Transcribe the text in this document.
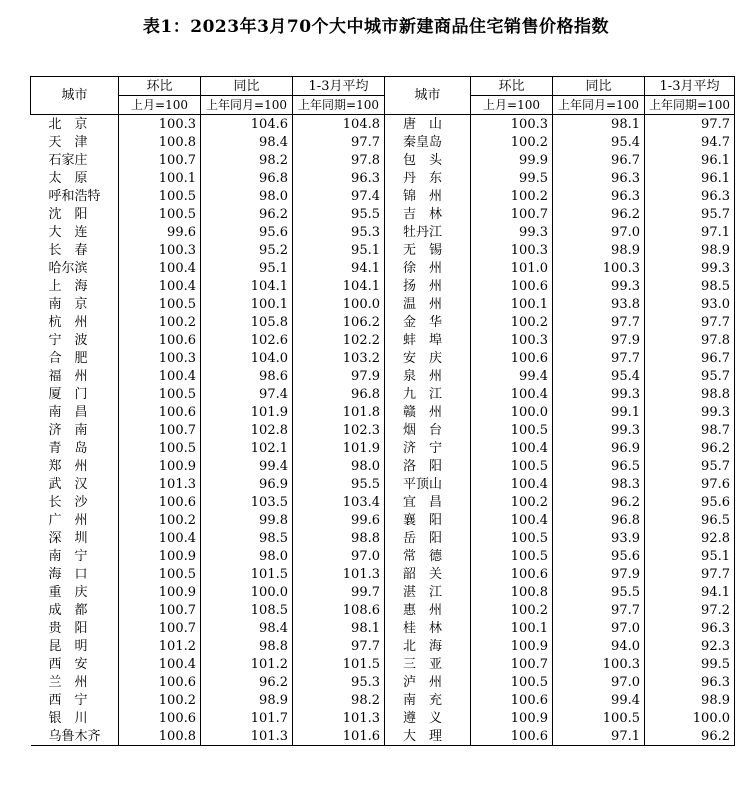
表1：2023年3月70个大中城市新建商品住宅销售价格指数
城市	环比	同比	1-3月平均	城市	环比	同比	1-3月平均
	上月=100	上年同月=100	上年同期=100		上月=100	上年同月=100	上年同期=100
北　京	100.3	104.6	104.8	唐　山	100.3	98.1	97.7
天　津	100.8	98.4	97.7	秦皇岛	100.2	95.4	94.7
石家庄	100.7	98.2	97.8	包　头	99.9	96.7	96.1
太　原	100.1	96.8	96.3	丹　东	99.5	96.3	96.1
呼和浩特	100.5	98.0	97.4	锦　州	100.2	96.3	96.3
沈　阳	100.5	96.2	95.5	吉　林	100.7	96.2	95.7
大　连	99.6	95.6	95.3	牡丹江	99.3	97.0	97.1
长　春	100.3	95.2	95.1	无　锡	100.3	98.9	98.9
哈尔滨	100.4	95.1	94.1	徐　州	101.0	100.3	99.3
上　海	100.4	104.1	104.1	扬　州	100.6	99.3	98.5
南　京	100.5	100.1	100.0	温　州	100.1	93.8	93.0
杭　州	100.2	105.8	106.2	金　华	100.2	97.7	97.7
宁　波	100.6	102.6	102.2	蚌　埠	100.3	97.9	97.8
合　肥	100.3	104.0	103.2	安　庆	100.6	97.7	96.7
福　州	100.4	98.6	97.9	泉　州	99.4	95.4	95.7
厦　门	100.5	97.4	96.8	九　江	100.4	99.3	98.8
南　昌	100.6	101.9	101.8	赣　州	100.0	99.1	99.3
济　南	100.7	102.8	102.3	烟　台	100.5	99.3	98.7
青　岛	100.5	102.1	101.9	济　宁	100.4	96.9	96.2
郑　州	100.9	99.4	98.0	洛　阳	100.5	96.5	95.7
武　汉	101.3	96.9	95.5	平顶山	100.4	98.3	97.6
长　沙	100.6	103.5	103.4	宜　昌	100.2	96.2	95.6
广　州	100.2	99.8	99.6	襄　阳	100.4	96.8	96.5
深　圳	100.4	98.5	98.8	岳　阳	100.5	93.9	92.8
南　宁	100.9	98.0	97.0	常　德	100.5	95.6	95.1
海　口	100.5	101.5	101.3	韶　关	100.6	97.9	97.7
重　庆	100.9	100.0	99.7	湛　江	100.8	95.5	94.1
成　都	100.7	108.5	108.6	惠　州	100.2	97.7	97.2
贵　阳	100.7	98.4	98.1	桂　林	100.1	97.0	96.3
昆　明	101.2	98.8	97.7	北　海	100.9	94.0	92.3
西　安	100.4	101.2	101.5	三　亚	100.7	100.3	99.5
兰　州	100.6	96.2	95.3	泸　州	100.5	97.0	96.3
西　宁	100.2	98.9	98.2	南　充	100.6	99.4	98.9
银　川	100.6	101.7	101.3	遵　义	100.9	100.5	100.0
乌鲁木齐	100.8	101.3	101.6	大　理	100.6	97.1	96.2
